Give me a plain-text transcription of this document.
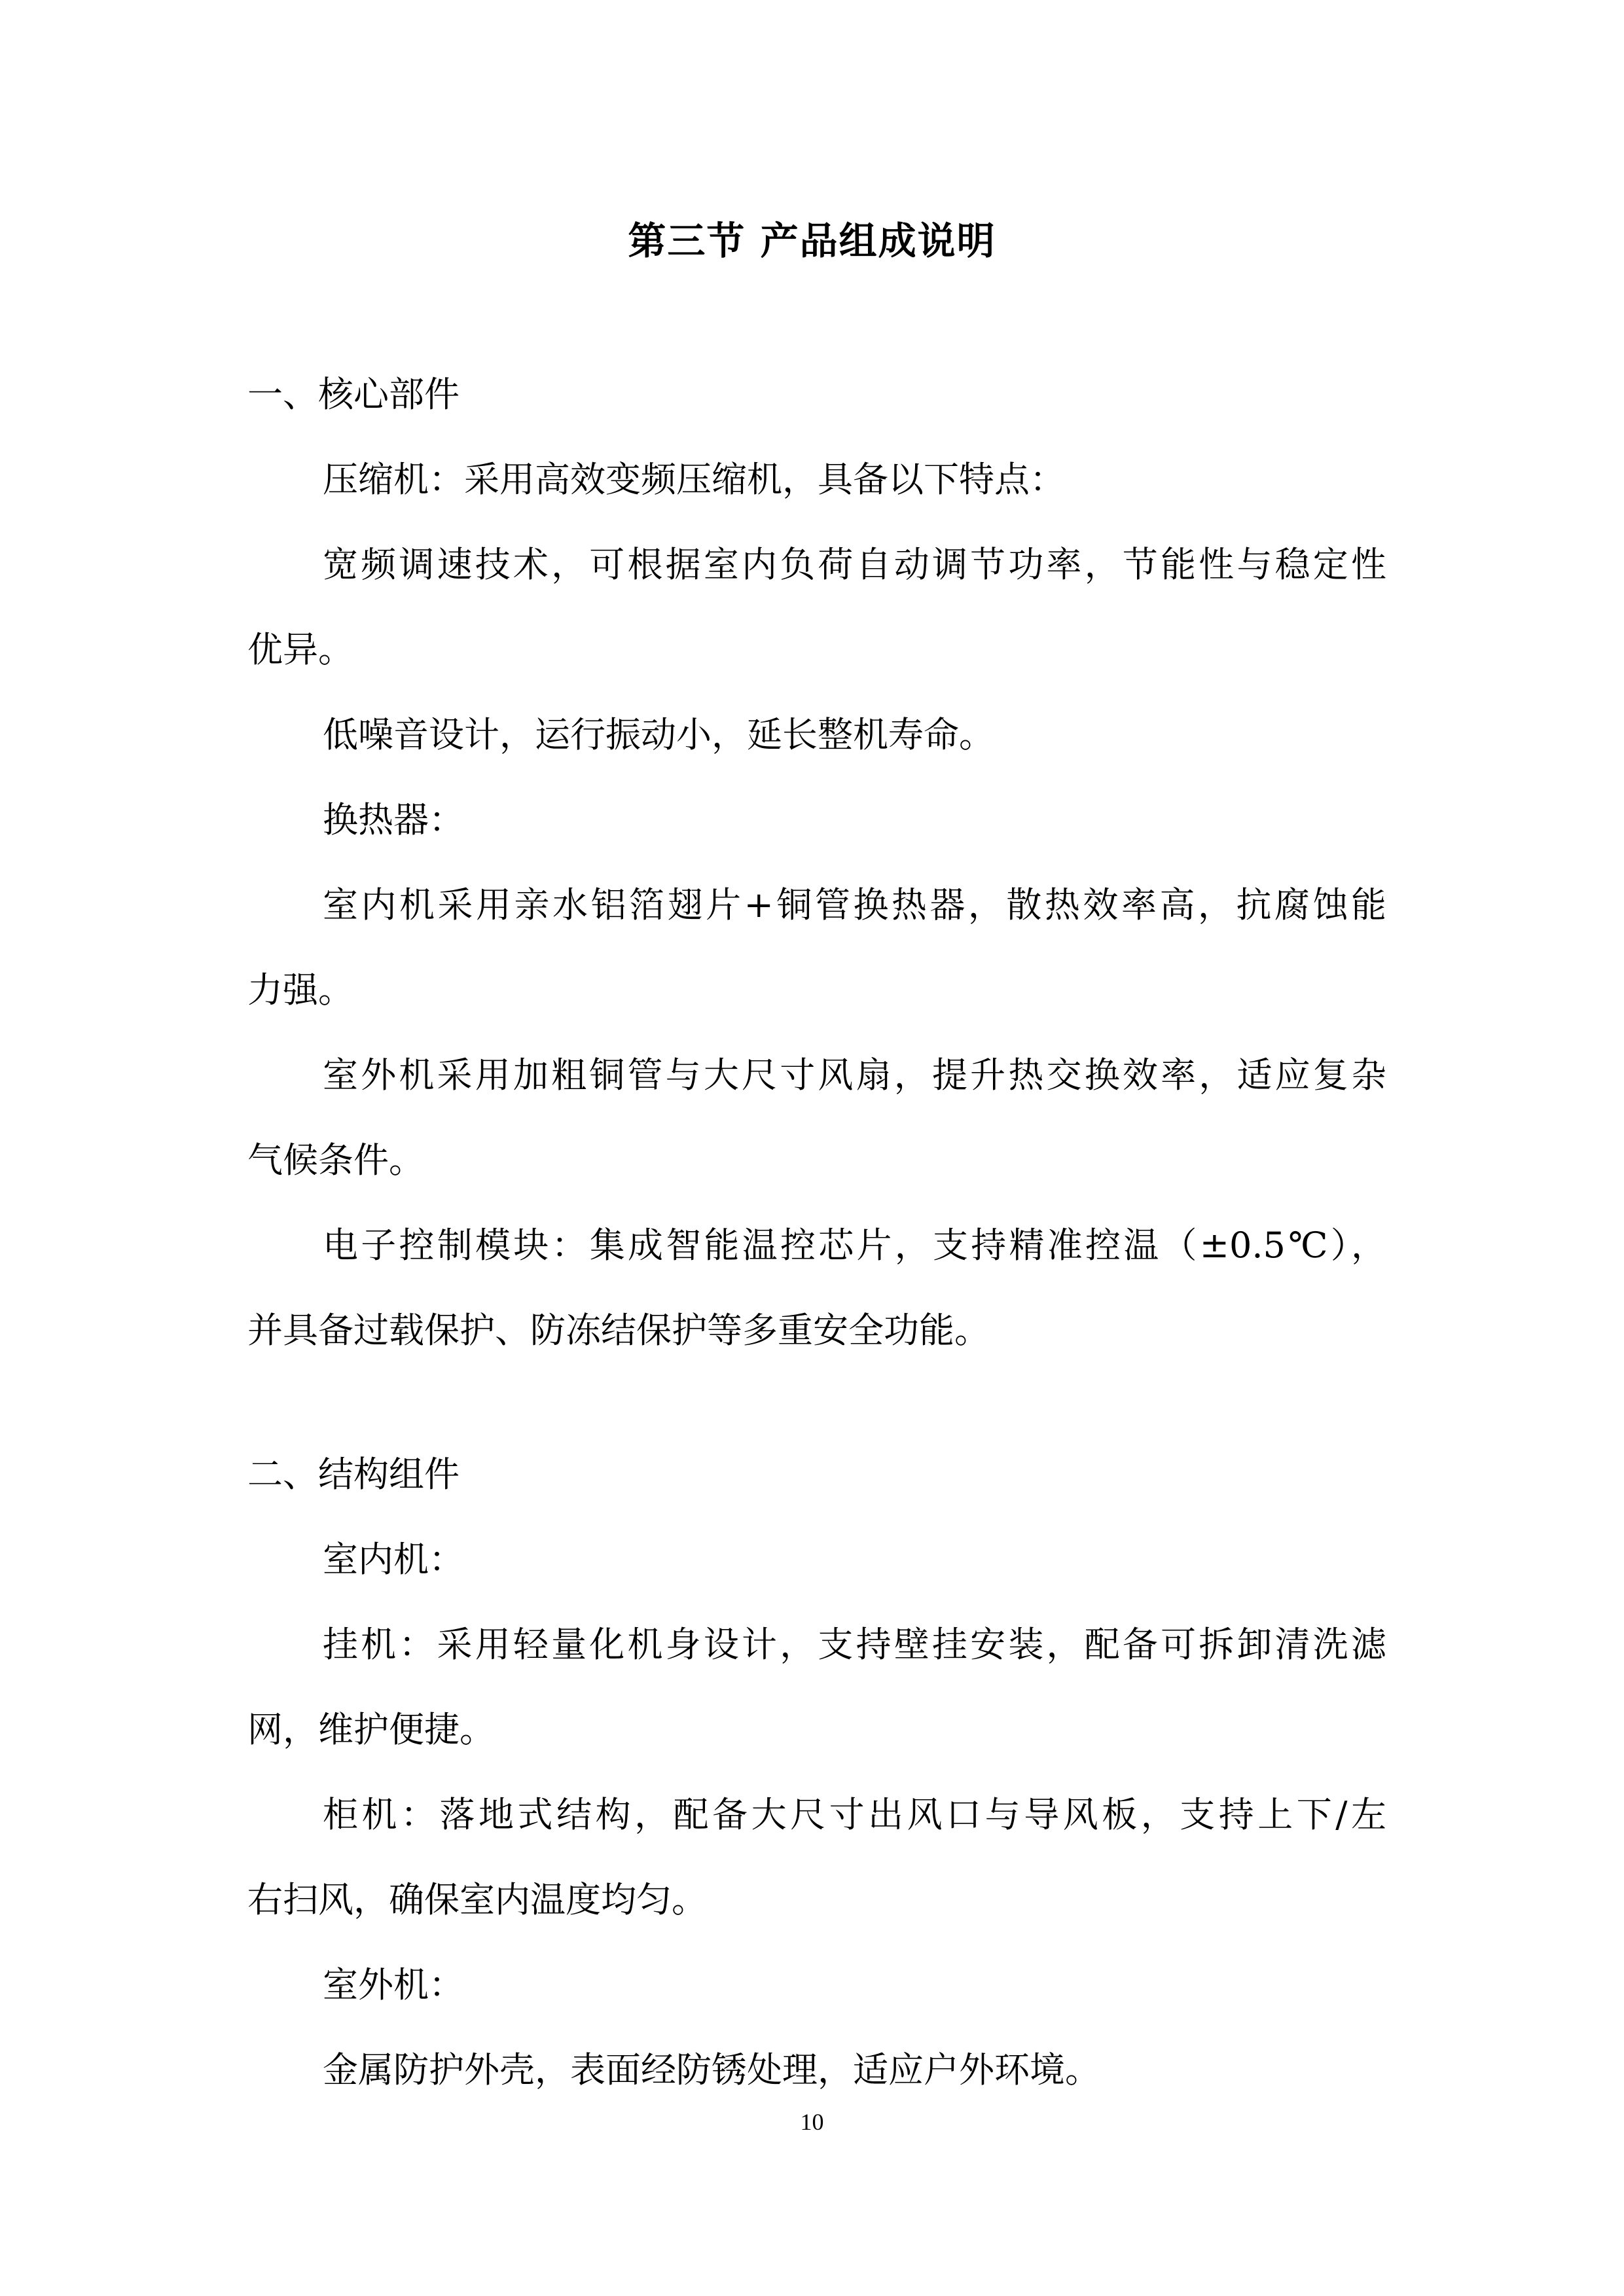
第三节 产品组成说明

一、核心部件

压缩机：采用高效变频压缩机，具备以下特点：

宽频调速技术，可根据室内负荷自动调节功率，节能性与稳定性

优异。

低噪音设计，运行振动小，延长整机寿命。

换热器：

室内机采用亲水铝箔翅片+铜管换热器，散热效率高，抗腐蚀能

力强。

室外机采用加粗铜管与大尺寸风扇，提升热交换效率，适应复杂

气候条件。

电子控制模块：集成智能温控芯片，支持精准控温（±0.5℃），

并具备过载保护、防冻结保护等多重安全功能。

二、结构组件

室内机：

挂机：采用轻量化机身设计，支持壁挂安装，配备可拆卸清洗滤

网，维护便捷。

柜机：落地式结构，配备大尺寸出风口与导风板，支持上下/左

右扫风，确保室内温度均匀。

室外机：

金属防护外壳，表面经防锈处理，适应户外环境。

10
